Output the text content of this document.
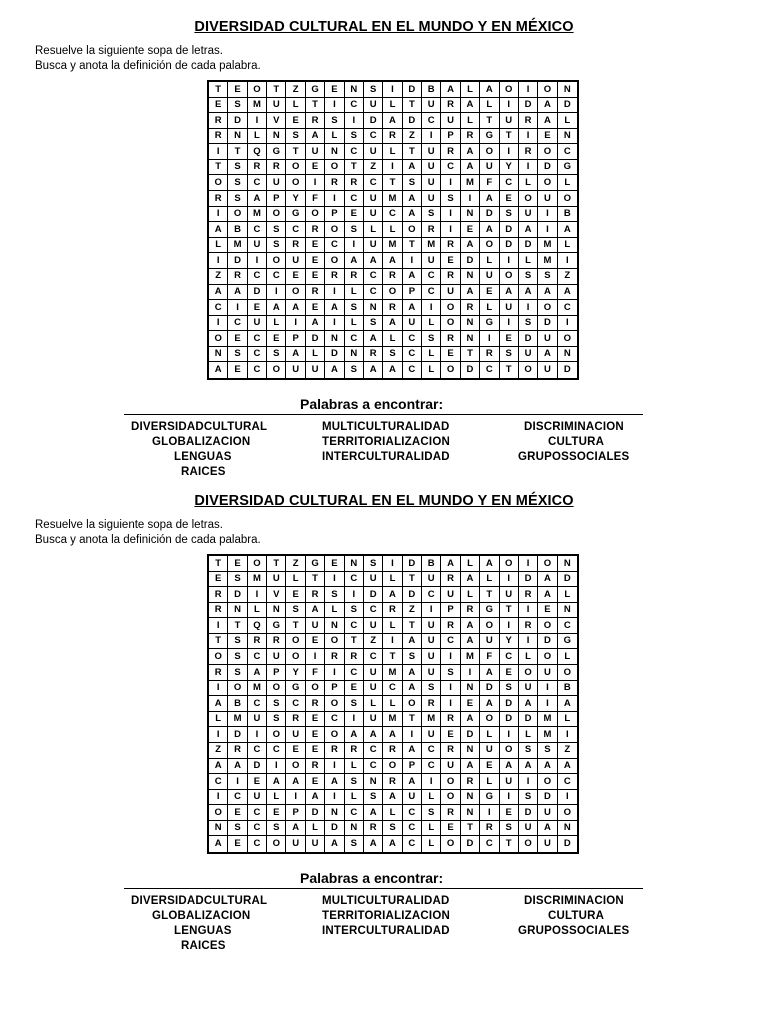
DIVERSIDAD CULTURAL EN EL MUNDO Y EN MÉXICO
Resuelve la siguiente sopa de letras.
Busca y anota la definición de cada palabra.
T	E	O	T	Z	G	E	N	S	I	D	B	A	L	A	O	I	O	N
E	S	M	U	L	T	I	C	U	L	T	U	R	A	L	I	D	A	D
R	D	I	V	E	R	S	I	D	A	D	C	U	L	T	U	R	A	L
R	N	L	N	S	A	L	S	C	R	Z	I	P	R	G	T	I	E	N
I	T	Q	G	T	U	N	C	U	L	T	U	R	A	O	I	R	O	C
T	S	R	R	O	E	O	T	Z	I	A	U	C	A	U	Y	I	D	G
O	S	C	U	O	I	R	R	C	T	S	U	I	M	F	C	L	O	L
R	S	A	P	Y	F	I	C	U	M	A	U	S	I	A	E	O	U	O
I	O	M	O	G	O	P	E	U	C	A	S	I	N	D	S	U	I	B
A	B	C	S	C	R	O	S	L	L	O	R	I	E	A	D	A	I	A
L	M	U	S	R	E	C	I	U	M	T	M	R	A	O	D	D	M	L
I	D	I	O	U	E	O	A	A	A	I	U	E	D	L	I	L	M	I
Z	R	C	C	E	E	R	R	C	R	A	C	R	N	U	O	S	S	Z
A	A	D	I	O	R	I	L	C	O	P	C	U	A	E	A	A	A	A
C	I	E	A	A	E	A	S	N	R	A	I	O	R	L	U	I	O	C
I	C	U	L	I	A	I	L	S	A	U	L	O	N	G	I	S	D	I
O	E	C	E	P	D	N	C	A	L	C	S	R	N	I	E	D	U	O
N	S	C	S	A	L	D	N	R	S	C	L	E	T	R	S	U	A	N
A	E	C	O	U	U	A	S	A	A	C	L	O	D	C	T	O	U	D
Palabras a encontrar:
DIVERSIDADCULTURAL	MULTICULTURALIDAD	DISCRIMINACION
GLOBALIZACION	TERRITORIALIZACION	CULTURA
LENGUAS	INTERCULTURALIDAD	GRUPOSSOCIALES
RAICES
DIVERSIDAD CULTURAL EN EL MUNDO Y EN MÉXICO
Resuelve la siguiente sopa de letras.
Busca y anota la definición de cada palabra.
T	E	O	T	Z	G	E	N	S	I	D	B	A	L	A	O	I	O	N
E	S	M	U	L	T	I	C	U	L	T	U	R	A	L	I	D	A	D
R	D	I	V	E	R	S	I	D	A	D	C	U	L	T	U	R	A	L
R	N	L	N	S	A	L	S	C	R	Z	I	P	R	G	T	I	E	N
I	T	Q	G	T	U	N	C	U	L	T	U	R	A	O	I	R	O	C
T	S	R	R	O	E	O	T	Z	I	A	U	C	A	U	Y	I	D	G
O	S	C	U	O	I	R	R	C	T	S	U	I	M	F	C	L	O	L
R	S	A	P	Y	F	I	C	U	M	A	U	S	I	A	E	O	U	O
I	O	M	O	G	O	P	E	U	C	A	S	I	N	D	S	U	I	B
A	B	C	S	C	R	O	S	L	L	O	R	I	E	A	D	A	I	A
L	M	U	S	R	E	C	I	U	M	T	M	R	A	O	D	D	M	L
I	D	I	O	U	E	O	A	A	A	I	U	E	D	L	I	L	M	I
Z	R	C	C	E	E	R	R	C	R	A	C	R	N	U	O	S	S	Z
A	A	D	I	O	R	I	L	C	O	P	C	U	A	E	A	A	A	A
C	I	E	A	A	E	A	S	N	R	A	I	O	R	L	U	I	O	C
I	C	U	L	I	A	I	L	S	A	U	L	O	N	G	I	S	D	I
O	E	C	E	P	D	N	C	A	L	C	S	R	N	I	E	D	U	O
N	S	C	S	A	L	D	N	R	S	C	L	E	T	R	S	U	A	N
A	E	C	O	U	U	A	S	A	A	C	L	O	D	C	T	O	U	D
Palabras a encontrar:
DIVERSIDADCULTURAL	MULTICULTURALIDAD	DISCRIMINACION
GLOBALIZACION	TERRITORIALIZACION	CULTURA
LENGUAS	INTERCULTURALIDAD	GRUPOSSOCIALES
RAICES
